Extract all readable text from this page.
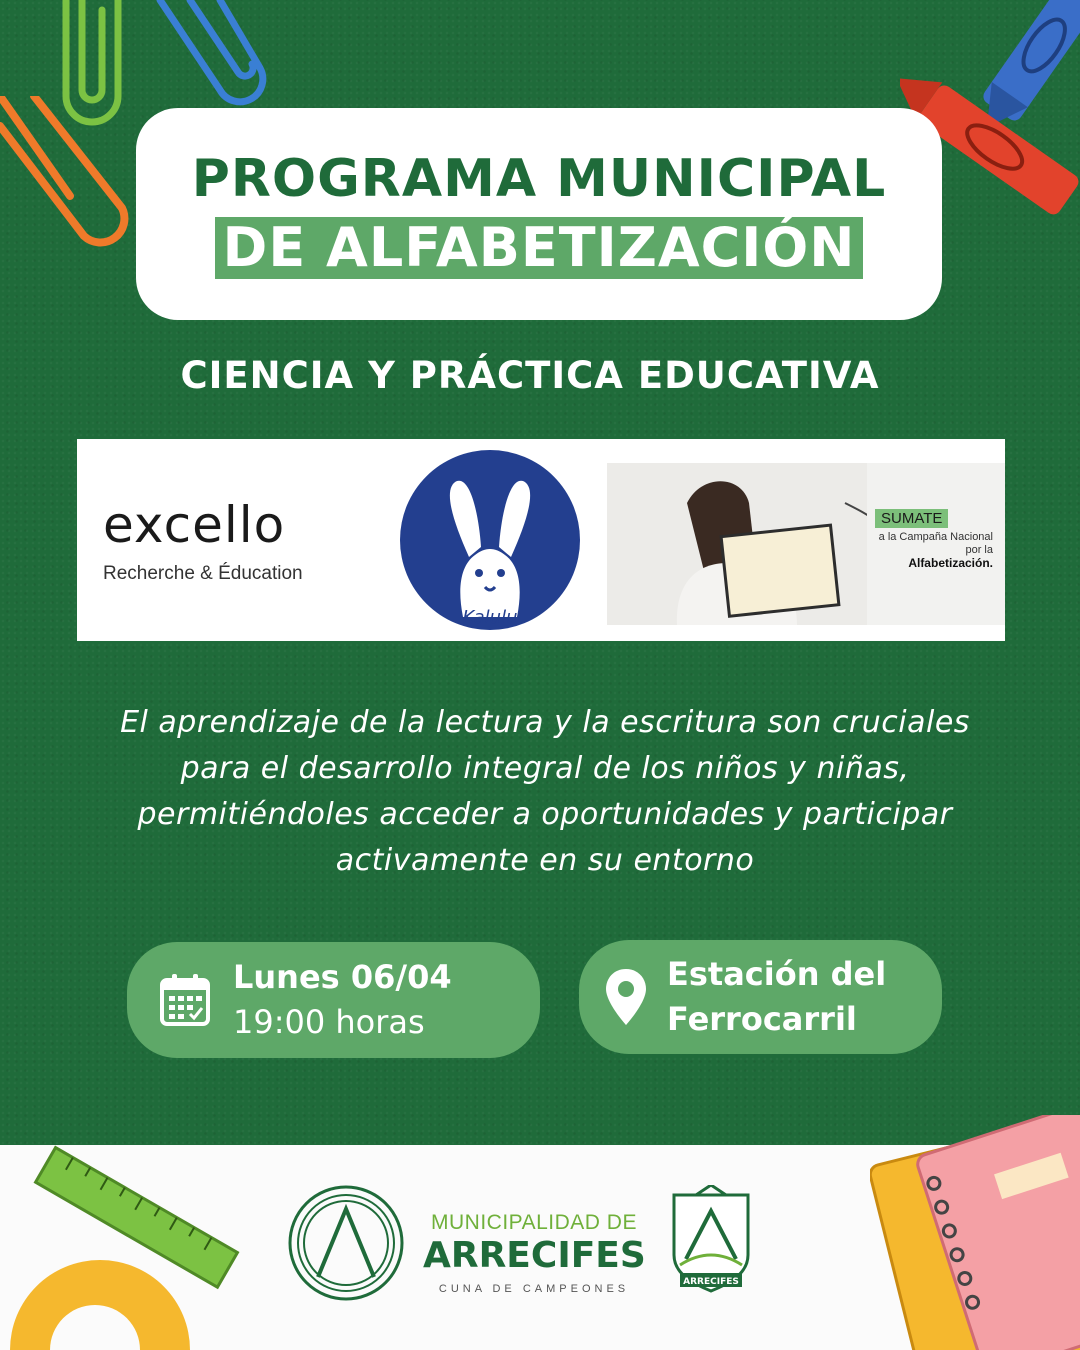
PROGRAMA MUNICIPAL
DE ALFABETIZACIÓN
CIENCIA Y PRÁCTICA EDUCATIVA
excello
Recherche & Éducation
Kalulu
SUMATE
a la Campaña Nacional por la
Alfabetización.
El aprendizaje de la lectura y la escritura son cruciales para el desarrollo integral de los niños y niñas, permitiéndoles acceder a oportunidades y participar activamente en su entorno
Lunes 06/04
19:00 horas
Estación del
Ferrocarril
MUNICIPALIDAD DE
ARRECIFES
CUNA DE CAMPEONES
ARRECIFES
